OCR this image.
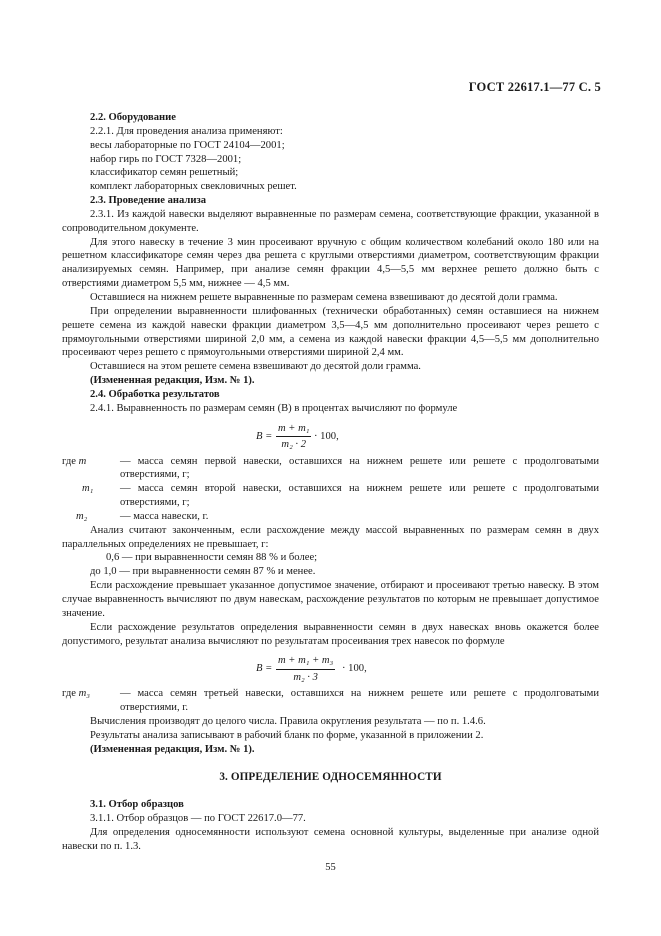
ГОСТ 22617.1—77 С. 5

2.2. Оборудование

2.2.1. Для проведения анализа применяют:

весы лабораторные по ГОСТ 24104—2001;

набор гирь по ГОСТ 7328—2001;

классификатор семян решетный;

комплект лабораторных свекловичных решет.

2.3. Проведение анализа

2.3.1. Из каждой навески выделяют выравненные по размерам семена, соответствующие фракции, указанной в сопроводительном документе.

Для этого навеску в течение 3 мин просеивают вручную с общим количеством колебаний около 180 или на решетном классификаторе семян через два решета с круглыми отверстиями диаметром, соответствующим фракции анализируемых семян. Например, при анализе семян фракции 4,5—5,5 мм верхнее решето должно быть с отверстиями диаметром 5,5 мм, нижнее — 4,5 мм.

Оставшиеся на нижнем решете выравненные по размерам семена взвешивают до десятой доли грамма.

При определении выравненности шлифованных (технически обработанных) семян оставшиеся на нижнем решете семена из каждой навески фракции диаметром 3,5—4,5 мм дополнительно просеивают через решето с прямоугольными отверстиями шириной 2,0 мм, а семена из каждой навески фракции 4,5—5,5 мм дополнительно просеивают через решето с прямоугольными отверстиями шириной 2,4 мм.

Оставшиеся на этом решете семена взвешивают до десятой доли грамма.

(Измененная редакция, Изм. № 1).

2.4. Обработка результатов

2.4.1. Выравненность по размерам семян (B) в процентах вычисляют по формуле

$B = \frac{\text{m + m₁}}{\text{m₂ · 2}} \cdot 100$,
где m	— масса семян первой навески, оставшихся на нижнем решете или решете с продолговатыми отверстиями, г;
m₁	— масса семян второй навески, оставшихся на нижнем решете или решете с продолговатыми отверстиями, г;
m₂	— масса навески, г.

Анализ считают законченным, если расхождение между массой выравненных по размерам семян в двух параллельных определениях не превышает, г:

0,6 — при выравненности семян 88 % и более;

до 1,0 — при выравненности семян 87 % и менее.

Если расхождение превышает указанное допустимое значение, отбирают и просеивают третью навеску. В этом случае выравненность вычисляют по двум навескам, расхождение результатов по которым не превышает допустимое значение.

Если расхождение результатов определения выравненности семян в двух навесках вновь окажется более допустимого, результат анализа вычисляют по результатам просеивания трех навесок по формуле

$B = \frac{\text{m + m₁ + m₃}}{\text{m₂ · 3}} \cdot 100$,
где m₃	— масса семян третьей навески, оставшихся на нижнем решете или решете с продолговатыми отверстиями, г.

Вычисления производят до целого числа. Правила округления результата — по п. 1.4.6.

Результаты анализа записывают в рабочий бланк по форме, указанной в приложении 2.

(Измененная редакция, Изм. № 1).

3. ОПРЕДЕЛЕНИЕ ОДНОСЕМЯННОСТИ

3.1. Отбор образцов

3.1.1. Отбор образцов — по ГОСТ 22617.0—77.

Для определения односемянности используют семена основной культуры, выделенные при анализе одной навески по п. 1.3.

55
